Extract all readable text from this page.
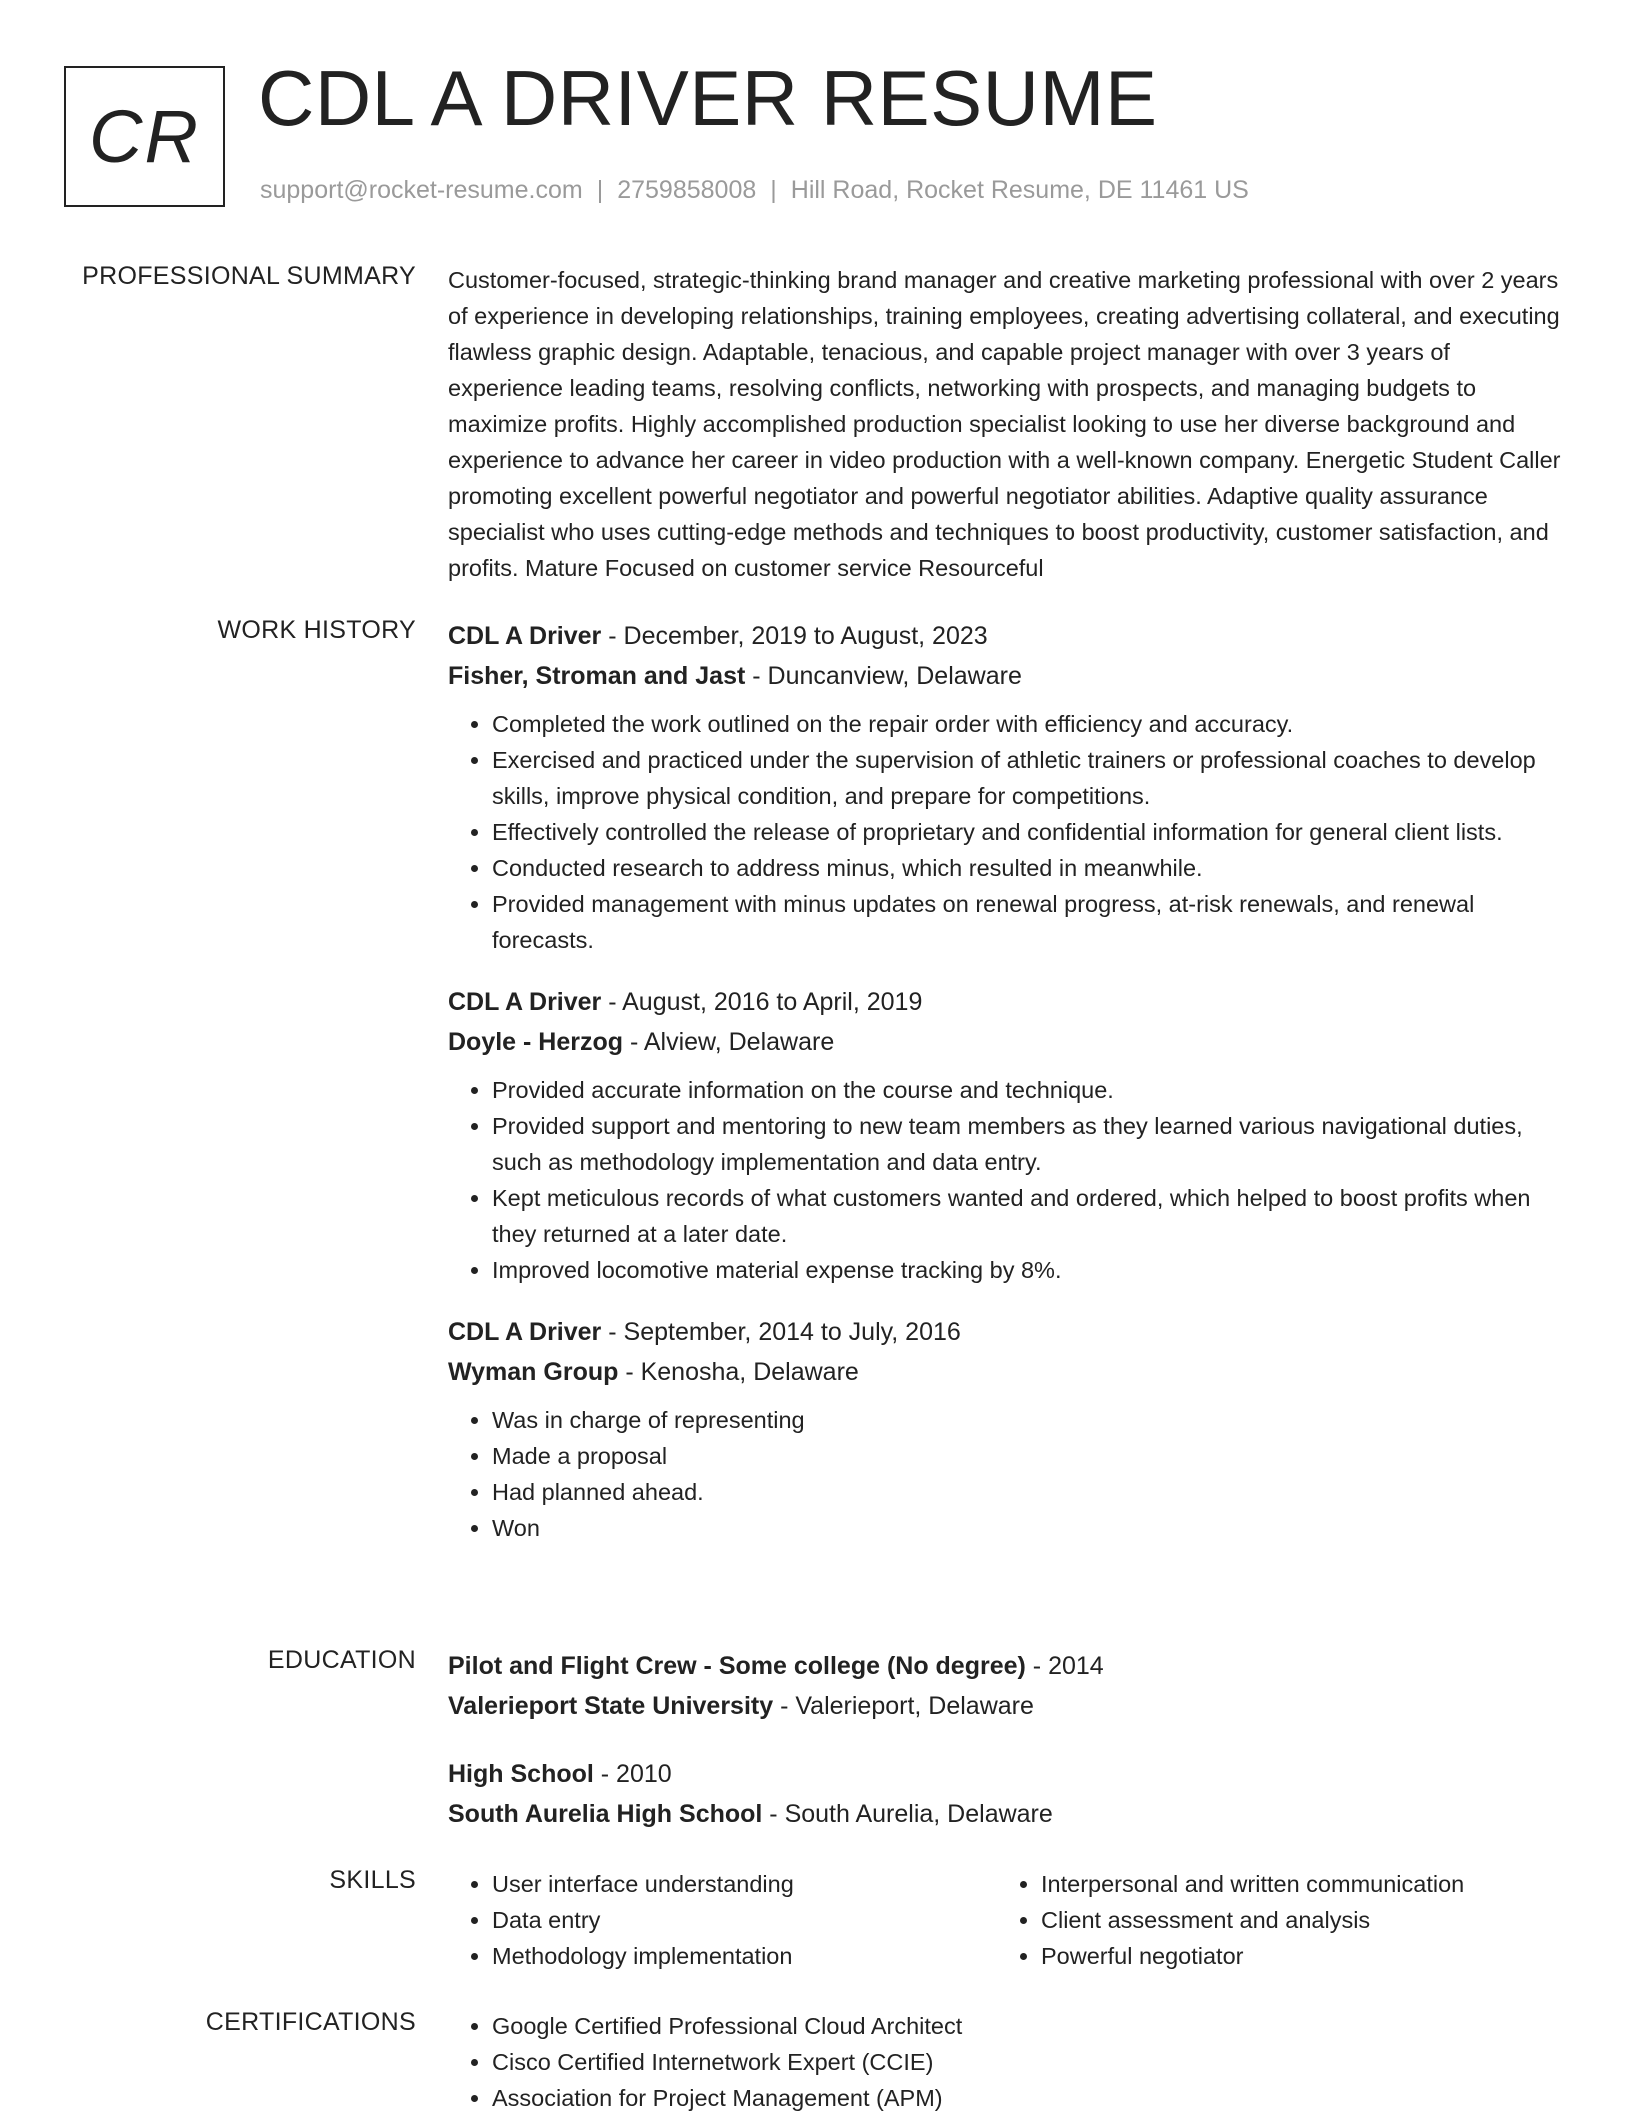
CR CDL A DRIVER RESUME
support@rocket-resume.com | 2759858008 | Hill Road, Rocket Resume, DE 11461 US
PROFESSIONAL SUMMARY Customer-focused, strategic-thinking brand manager and creative marketing professional with over 2 years of experience in developing relationships, training employees, creating advertising collateral, and executing flawless graphic design. Adaptable, tenacious, and capable project manager with over 3 years of experience leading teams, resolving conflicts, networking with prospects, and managing budgets to maximize profits. Highly accomplished production specialist looking to use her diverse background and experience to advance her career in video production with a well-known company. Energetic Student Caller promoting excellent powerful negotiator and powerful negotiator abilities. Adaptive quality assurance specialist who uses cutting-edge methods and techniques to boost productivity, customer satisfaction, and profits. Mature Focused on customer service Resourceful

WORK HISTORY CDL A Driver - December, 2019 to August, 2023
Fisher, Stroman and Jast - Duncanview, Delaware
• Completed the work outlined on the repair order with efficiency and accuracy.
• Exercised and practiced under the supervision of athletic trainers or professional coaches to develop skills, improve physical condition, and prepare for competitions.
• Effectively controlled the release of proprietary and confidential information for general client lists.
• Conducted research to address minus, which resulted in meanwhile.
• Provided management with minus updates on renewal progress, at-risk renewals, and renewal forecasts.
CDL A Driver - August, 2016 to April, 2019
Doyle - Herzog - Alview, Delaware
• Provided accurate information on the course and technique.
• Provided support and mentoring to new team members as they learned various navigational duties, such as methodology implementation and data entry.
• Kept meticulous records of what customers wanted and ordered, which helped to boost profits when they returned at a later date.
• Improved locomotive material expense tracking by 8%.
CDL A Driver - September, 2014 to July, 2016
Wyman Group - Kenosha, Delaware
• Was in charge of representing
• Made a proposal
• Had planned ahead.
• Won
EDUCATION Pilot and Flight Crew - Some college (No degree) - 2014
Valerieport State University - Valerieport, Delaware
High School - 2010
South Aurelia High School - South Aurelia, Delaware
SKILLS	• User interface understanding
• Data entry
• Methodology implementation
• Interpersonal and written communication
• Client assessment and analysis
• Powerful negotiator
CERTIFICATIONS	• Google Certified Professional Cloud Architect
• Cisco Certified Internetwork Expert (CCIE)
• Association for Project Management (APM)
